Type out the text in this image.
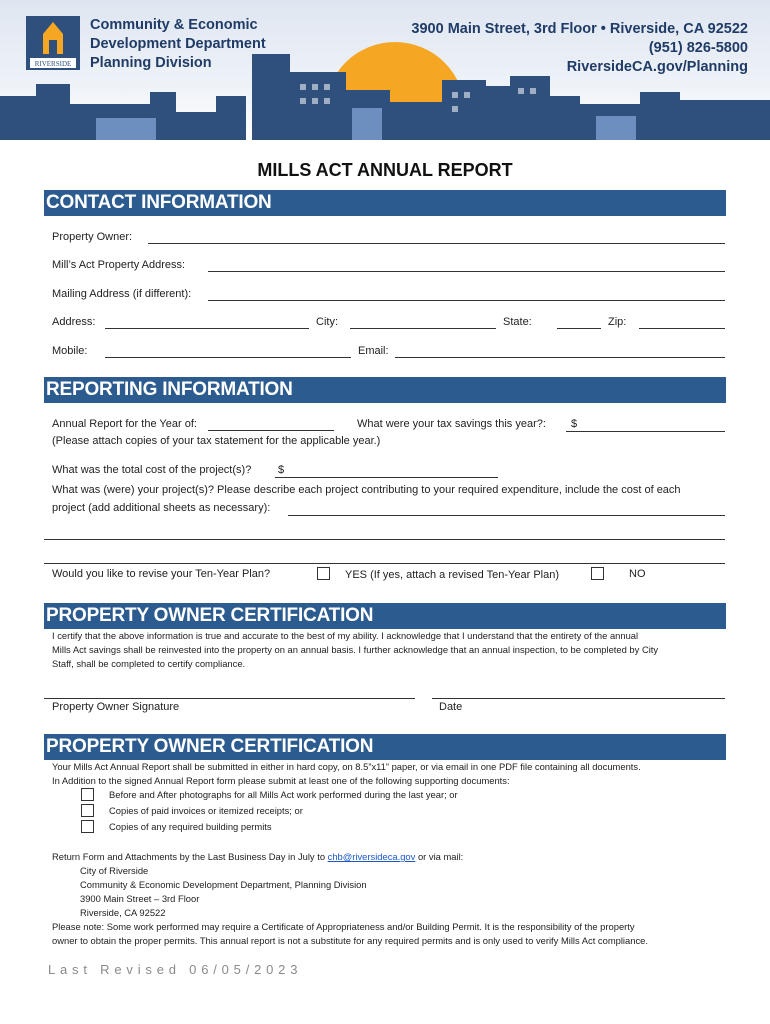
RIVERSIDE
Community & Economic
Development Department
Planning Division
3900 Main Street, 3rd Floor • Riverside, CA 92522
(951) 826-5800
RiversideCA.gov/Planning
MILLS ACT ANNUAL REPORT
CONTACT INFORMATION
Property Owner:
Mill’s Act Property Address:
Mailing Address (if different):
Address:	City:	State:	Zip:
Mobile:	Email:
REPORTING INFORMATION
Annual Report for the Year of:	What were your tax savings this year?: $
(Please attach copies of your tax statement for the applicable year.)
What was the total cost of the project(s)? $
What was (were) your project(s)? Please describe each project contributing to your required expenditure, include the cost of each
project (add additional sheets as necessary):
Would you like to revise your Ten-Year Plan?	YES (If yes, attach a revised Ten-Year Plan)	NO
PROPERTY OWNER CERTIFICATION
I certify that the above information is true and accurate to the best of my ability. I acknowledge that I understand that the entirety of the annual
Mills Act savings shall be reinvested into the property on an annual basis. I further acknowledge that an annual inspection, to be completed by City
Staff, shall be completed to certify compliance.
Property Owner Signature	Date
PROPERTY OWNER CERTIFICATION
Your Mills Act Annual Report shall be submitted in either in hard copy, on 8.5”x11” paper, or via email in one PDF file containing all documents.
In Addition to the signed Annual Report form please submit at least one of the following supporting documents:
Before and After photographs for all Mills Act work performed during the last year; or
Copies of paid invoices or itemized receipts; or
Copies of any required building permits
Return Form and Attachments by the Last Business Day in July to chb@riversideca.gov or via mail:
City of Riverside
Community & Economic Development Department, Planning Division
3900 Main Street – 3rd Floor
Riverside, CA 92522
Please note: Some work performed may require a Certificate of Appropriateness and/or Building Permit. It is the responsibility of the property
owner to obtain the proper permits. This annual report is not a substitute for any required permits and is only used to verify Mills Act compliance.
Last Revised 06/05/2023
